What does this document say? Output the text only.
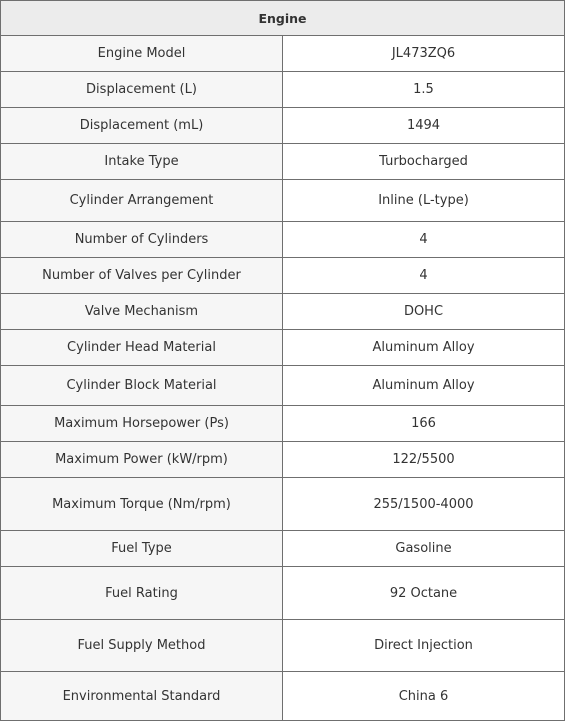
Engine	
Engine Model	JL473ZQ6
Displacement (L)	1.5
Displacement (mL)	1494
Intake Type	Turbocharged
Cylinder Arrangement	Inline (L-type)
Number of Cylinders	4
Number of Valves per Cylinder	4
Valve Mechanism	DOHC
Cylinder Head Material	Aluminum Alloy
Cylinder Block Material	Aluminum Alloy
Maximum Horsepower (Ps)	166
Maximum Power (kW/rpm)	122/5500
Maximum Torque (Nm/rpm)	255/1500-4000
Fuel Type	Gasoline
Fuel Rating	92 Octane
Fuel Supply Method	Direct Injection
Environmental Standard	China 6
